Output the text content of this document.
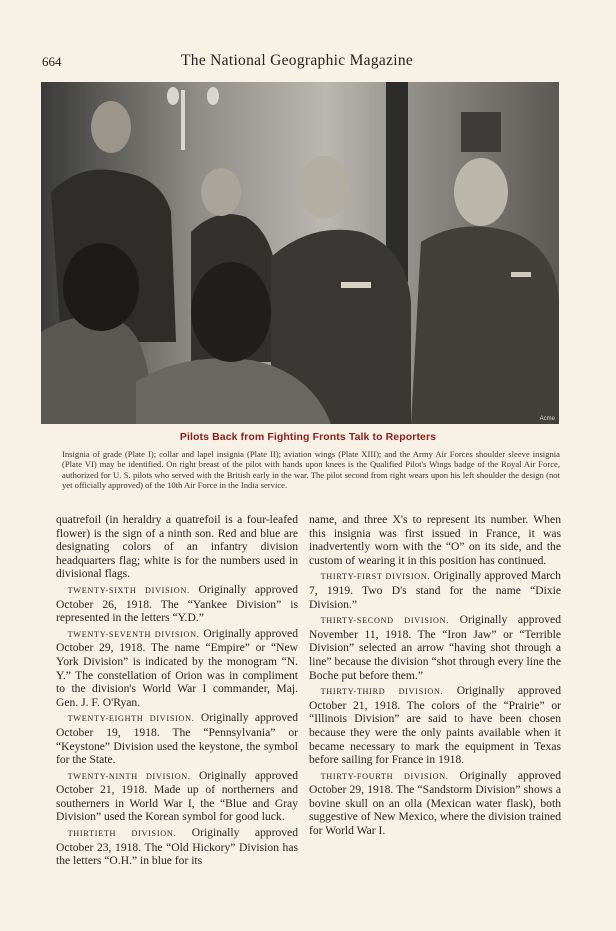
664	The National Geographic Magazine
Acme
Pilots Back from Fighting Fronts Talk to Reporters
Insignia of grade (Plate I); collar and lapel insignia (Plate II); aviation wings (Plate XIII); and the Army Air Forces shoulder sleeve insignia (Plate VI) may be identified. On right breast of the pilot with hands upon knees is the Qualified Pilot's Wings badge of the Royal Air Force, authorized for U. S. pilots who served with the British early in the war. The pilot second from right wears upon his left shoulder the design (not yet officially approved) of the 10th Air Force in the India service.

quatrefoil (in heraldry a quatrefoil is a four-leafed flower) is the sign of a ninth son. Red and blue are designating colors of an infantry division headquarters flag; white is for the numbers used in divisional flags.

 TWENTY-SIXTH DIVISION. Originally approved October 26, 1918. The “Yankee Division” is represented in the letters “Y.D.”

 TWENTY-SEVENTH DIVISION. Originally approved October 29, 1918. The name “Empire” or “New York Division” is indicated by the monogram “N. Y.” The constellation of Orion was in compliment to the division's World War I commander, Maj. Gen. J. F. O'Ryan.

 TWENTY-EIGHTH DIVISION. Originally approved October 19, 1918. The “Pennsylvania” or “Keystone” Division used the keystone, the symbol for the State.

 TWENTY-NINTH DIVISION. Originally approved October 21, 1918. Made up of northerners and southerners in World War I, the “Blue and Gray Division” used the Korean symbol for good luck.

 THIRTIETH DIVISION. Originally approved October 23, 1918. The “Old Hickory” Division has the letters “O.H.” in blue for its

name, and three X's to represent its number. When this insignia was first issued in France, it was inadvertently worn with the “O” on its side, and the custom of wearing it in this position has continued.

 THIRTY-FIRST DIVISION. Originally approved March 7, 1919. Two D's stand for the name “Dixie Division.”

 THIRTY-SECOND DIVISION. Originally approved November 11, 1918. The “Iron Jaw” or “Terrible Division” selected an arrow “having shot through a line” because the division “shot through every line the Boche put before them.”

 THIRTY-THIRD DIVISION. Originally approved October 21, 1918. The colors of the “Prairie” or “Illinois Division” are said to have been chosen because they were the only paints available when it became necessary to mark the equipment in Texas before sailing for France in 1918.

 THIRTY-FOURTH DIVISION. Originally approved October 29, 1918. The “Sandstorm Division” shows a bovine skull on an olla (Mexican water flask), both suggestive of New Mexico, where the division trained for World War I.
